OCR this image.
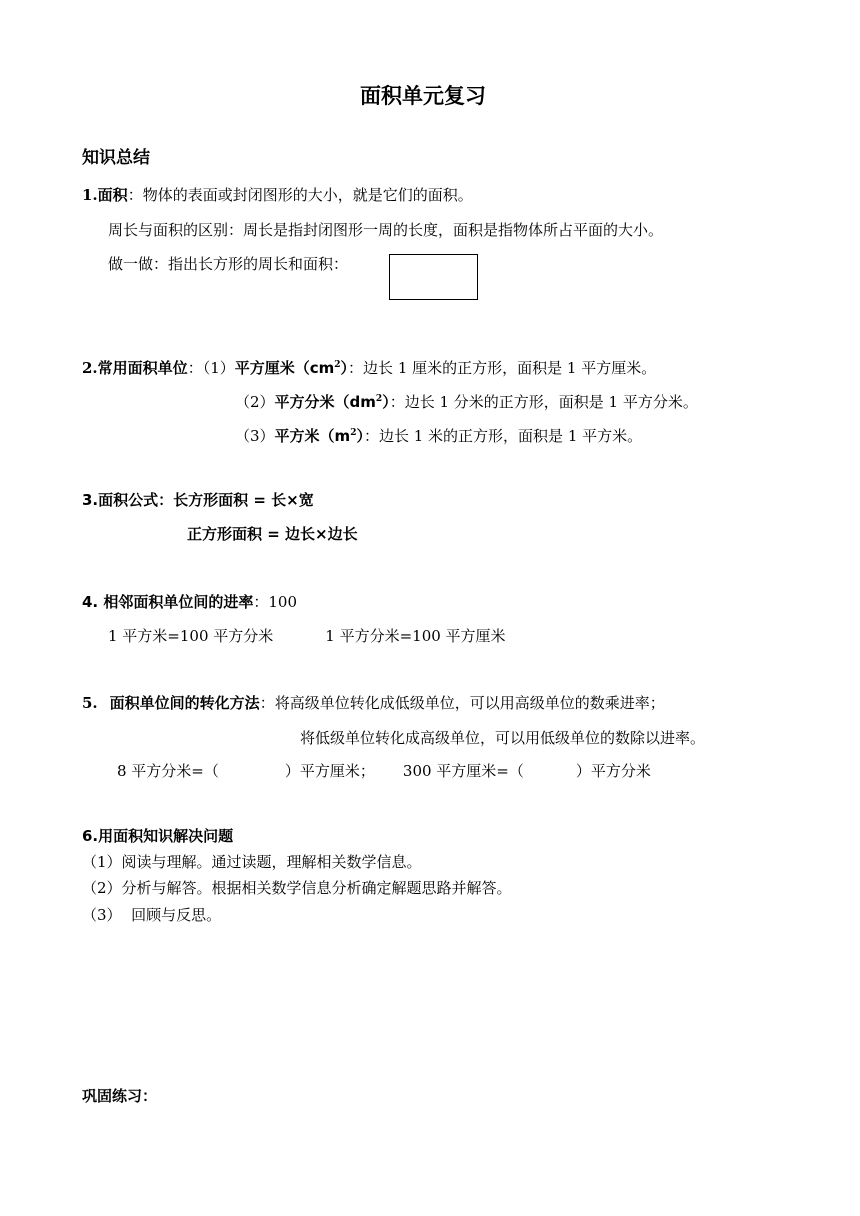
面积单元复习
知识总结
1.面积：物体的表面或封闭图形的大小，就是它们的面积。
周长与面积的区别：周长是指封闭图形一周的长度，面积是指物体所占平面的大小。
做一做：指出长方形的周长和面积：
2.常用面积单位：（1）平方厘米$(cm^2)$：边长 1 厘米的正方形，面积是 1 平方厘米。
（2）平方分米$(dm^2)$：边长 1 分米的正方形，面积是 1 平方分米。
（3）平方米$(m^2)$：边长 1 米的正方形，面积是 1 平方米。
3.面积公式：长方形面积 = 长×宽
正方形面积 = 边长×边长
4. 相邻面积单位间的进率：100
1 平方米=100 平方分米	1 平方分米=100 平方厘米
5. 面积单位间的转化方法：将高级单位转化成低级单位，可以用高级单位的数乘进率；
将低级单位转化成高级单位，可以用低级单位的数除以进率。
8 平方分米=（	）平方厘米； 300 平方厘米=（	）平方分米
6.用面积知识解决问题
（1）阅读与理解。通过读题，理解相关数学信息。
（2）分析与解答。根据相关数学信息分析确定解题思路并解答。
（3）  回顾与反思。
巩固练习：
